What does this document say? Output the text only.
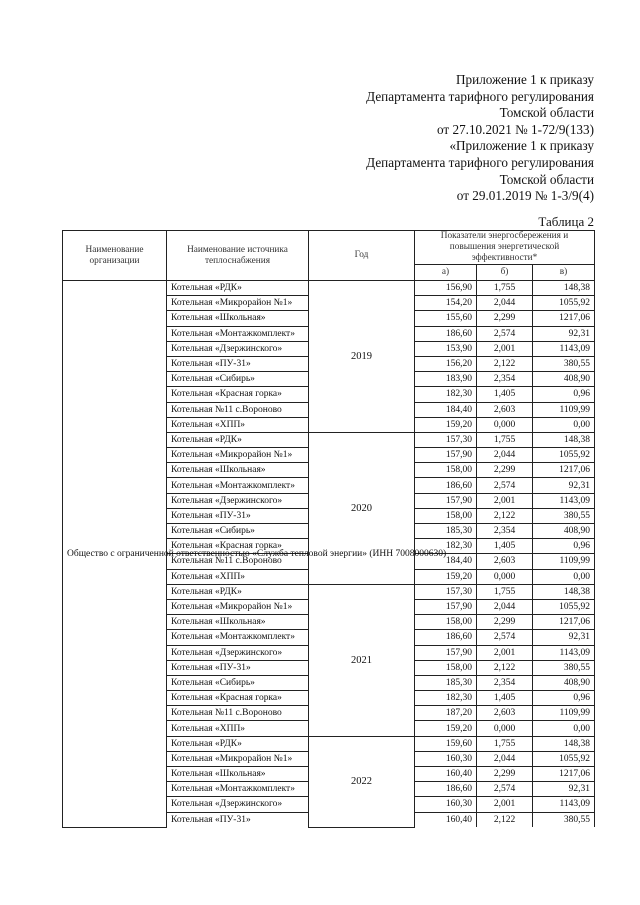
Приложение 1 к приказу
Департамента тарифного регулирования
Томской области
от 27.10.2021 № 1-72/9(133)
«Приложение 1 к приказу
Департамента тарифного регулирования
Томской области
от 29.01.2019 № 1-3/9(4)
Таблица 2
Наименование организации	Наименование источника теплоснабжения	Год	Показатели энергосбережения и повышения энергетической эффективности*		
			а)	б)	в)
Общество с ограниченной ответственностью «Служба тепловой энергии» (ИНН 7008000630)	Котельная «РДК»	2019	156,90	1,755	148,38
	Котельная «Микрорайон №1»		154,20	2,044	1055,92
	Котельная «Школьная»		155,60	2,299	1217,06
	Котельная «Монтажкомплект»		186,60	2,574	92,31
	Котельная «Дзержинского»		153,90	2,001	1143,09
	Котельная «ПУ-31»		156,20	2,122	380,55
	Котельная «Сибирь»		183,90	2,354	408,90
	Котельная «Красная горка»		182,30	1,405	0,96
	Котельная №11 с.Вороново		184,40	2,603	1109,99
	Котельная «ХПП»		159,20	0,000	0,00
	Котельная «РДК»	2020	157,30	1,755	148,38
	Котельная «Микрорайон №1»		157,90	2,044	1055,92
	Котельная «Школьная»		158,00	2,299	1217,06
	Котельная «Монтажкомплект»		186,60	2,574	92,31
	Котельная «Дзержинского»		157,90	2,001	1143,09
	Котельная «ПУ-31»		158,00	2,122	380,55
	Котельная «Сибирь»		185,30	2,354	408,90
	Котельная «Красная горка»		182,30	1,405	0,96
	Котельная №11 с.Вороново		184,40	2,603	1109,99
	Котельная «ХПП»		159,20	0,000	0,00
	Котельная «РДК»	2021	157,30	1,755	148,38
	Котельная «Микрорайон №1»		157,90	2,044	1055,92
	Котельная «Школьная»		158,00	2,299	1217,06
	Котельная «Монтажкомплект»		186,60	2,574	92,31
	Котельная «Дзержинского»		157,90	2,001	1143,09
	Котельная «ПУ-31»		158,00	2,122	380,55
	Котельная «Сибирь»		185,30	2,354	408,90
	Котельная «Красная горка»		182,30	1,405	0,96
	Котельная №11 с.Вороново		187,20	2,603	1109,99
	Котельная «ХПП»		159,20	0,000	0,00
	Котельная «РДК»	2022	159,60	1,755	148,38
	Котельная «Микрорайон №1»		160,30	2,044	1055,92
	Котельная «Школьная»		160,40	2,299	1217,06
	Котельная «Монтажкомплект»		186,60	2,574	92,31
	Котельная «Дзержинского»		160,30	2,001	1143,09
	Котельная «ПУ-31»		160,40	2,122	380,55
